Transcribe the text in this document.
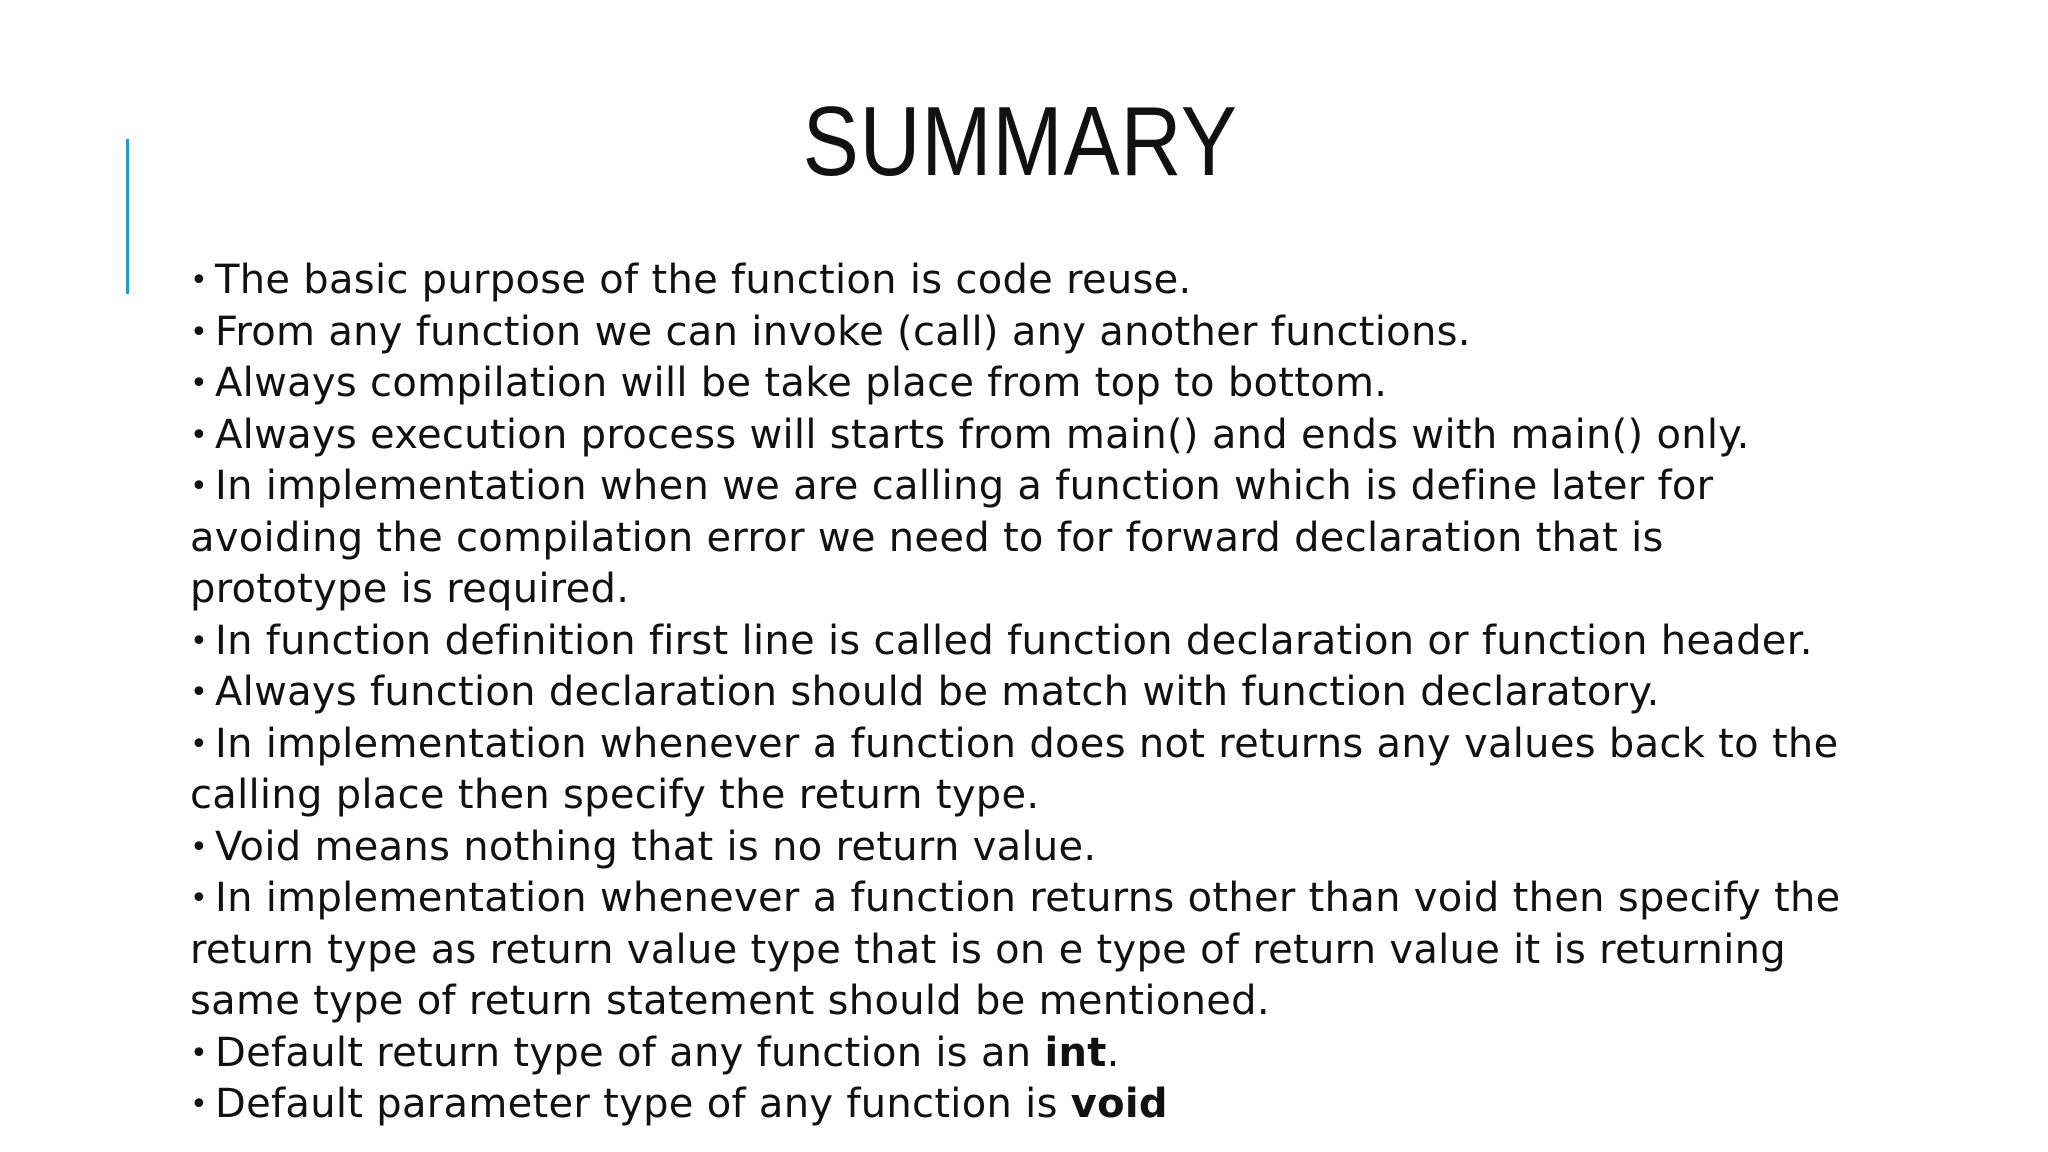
SUMMARY
• The basic purpose of the function is code reuse.
• From any function we can invoke (call) any another functions.
• Always compilation will be take place from top to bottom.
• Always execution process will starts from main() and ends with main() only.
• In implementation when we are calling a function which is define later for avoiding the compilation error we need to for forward declaration that is prototype is required.
• In function definition first line is called function declaration or function header.
• Always function declaration should be match with function declaratory.
• In implementation whenever a function does not returns any values back to the calling place then specify the return type.
• Void means nothing that is no return value.
• In implementation whenever a function returns other than void then specify the return type as return value type that is on e type of return value it is returning same type of return statement should be mentioned.
• Default return type of any function is an int.
• Default parameter type of any function is void
